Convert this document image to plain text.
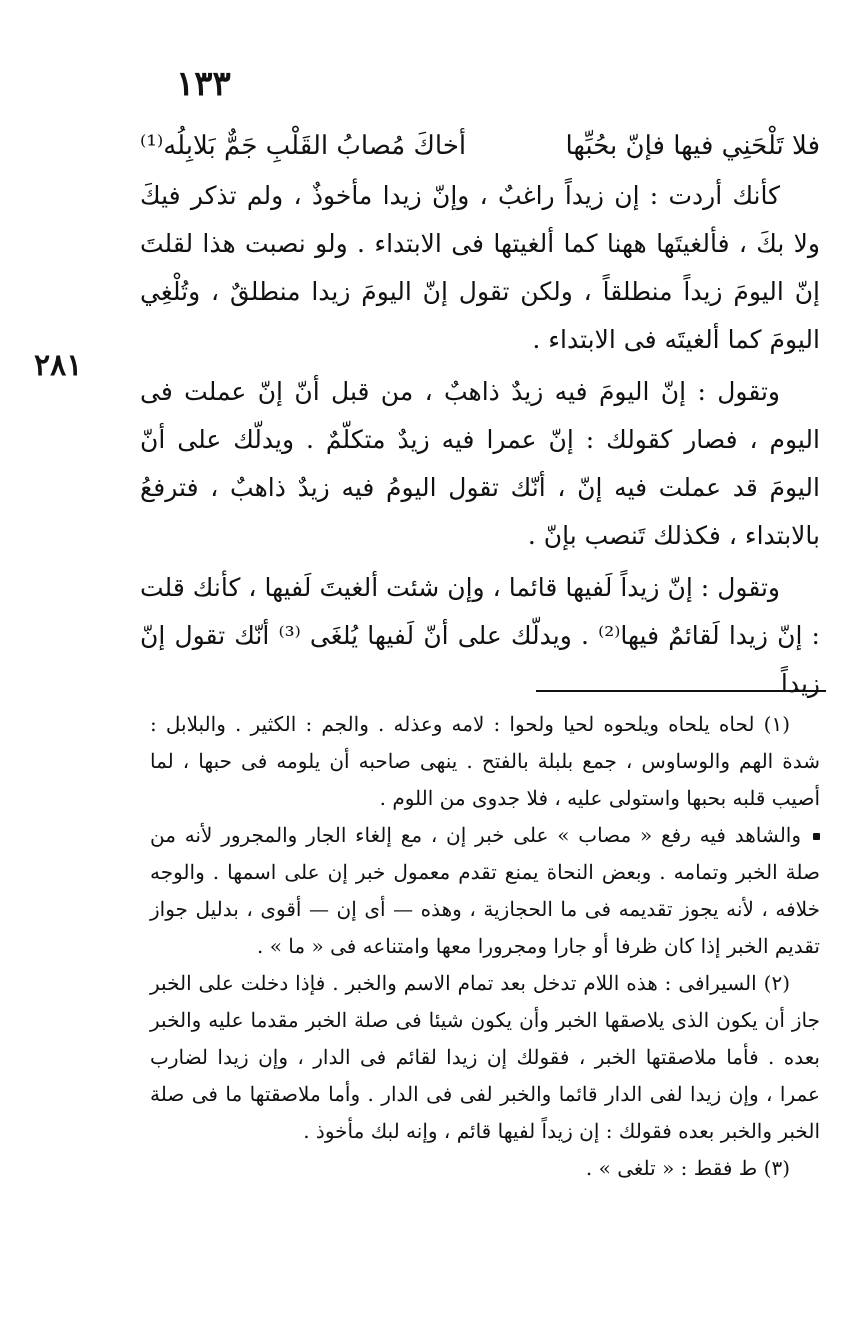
١٣٣
٢٨١
فلا تَلْحَنِي فيها فإنّ بحُبِّها
أخاكَ مُصابُ القَلْبِ جَمٌّ بَلابِلُه⁽¹⁾

كأنك أردت : إن زيداً راغبٌ ، وإنّ زيدا مأخوذٌ ، ولم تذكر فيكَ ولا بكَ ، فألغيتَها ههنا كما ألغيتها فى الابتداء . ولو نصبت هذا لقلتَ إنّ اليومَ زيداً منطلقاً ، ولكن تقول إنّ اليومَ زيدا منطلقٌ ، وتُلْغِي اليومَ كما ألغيتَه فى الابتداء .

وتقول : إنّ اليومَ فيه زيدٌ ذاهبٌ ، من قبل أنّ إنّ عملت فى اليوم ، فصار كقولك : إنّ عمرا فيه زيدٌ متكلّمٌ . ويدلّك على أنّ اليومَ قد عملت فيه إنّ ، أنّك تقول اليومُ فيه زيدٌ ذاهبٌ ، فترفعُ بالابتداء ، فكذلك تَنصب بإنّ .

وتقول : إنّ زيداً لَفيها قائما ، وإن شئت ألغيتَ لَفيها ، كأنك قلت : إنّ زيدا لَقائمٌ فيها⁽²⁾ . ويدلّك على أنّ لَفيها يُلغَى ⁽³⁾ أنّك تقول إنّ زيداً

(١) لحاه يلحاه ويلحوه لحيا ولحوا : لامه وعذله . والجم : الكثير . والبلابل : شدة الهم والوساوس ، جمع بلبلة بالفتح . ينهى صاحبه أن يلومه فى حبها ، لما أصيب قلبه بحبها واستولى عليه ، فلا جدوى من اللوم .

والشاهد فيه رفع « مصاب » على خبر إن ، مع إلغاء الجار والمجرور لأنه من صلة الخبر وتمامه . وبعض النحاة يمنع تقدم معمول خبر إن على اسمها . والوجه خلافه ، لأنه يجوز تقديمه فى ما الحجازية ، وهذه — أى إن — أقوى ، بدليل جواز تقديم الخبر إذا كان ظرفا أو جارا ومجرورا معها وامتناعه فى « ما » .

(٢) السيرافى : هذه اللام تدخل بعد تمام الاسم والخبر . فإذا دخلت على الخبر جاز أن يكون الذى يلاصقها الخبر وأن يكون شيئا فى صلة الخبر مقدما عليه والخبر بعده . فأما ملاصقتها الخبر ، فقولك إن زيدا لقائم فى الدار ، وإن زيدا لضارب عمرا ، وإن زيدا لفى الدار قائما والخبر لفى فى الدار . وأما ملاصقتها ما فى صلة الخبر والخبر بعده فقولك : إن زيداً لفيها قائم ، وإنه لبك مأخوذ .

(٣) ط فقط : « تلغى » .
